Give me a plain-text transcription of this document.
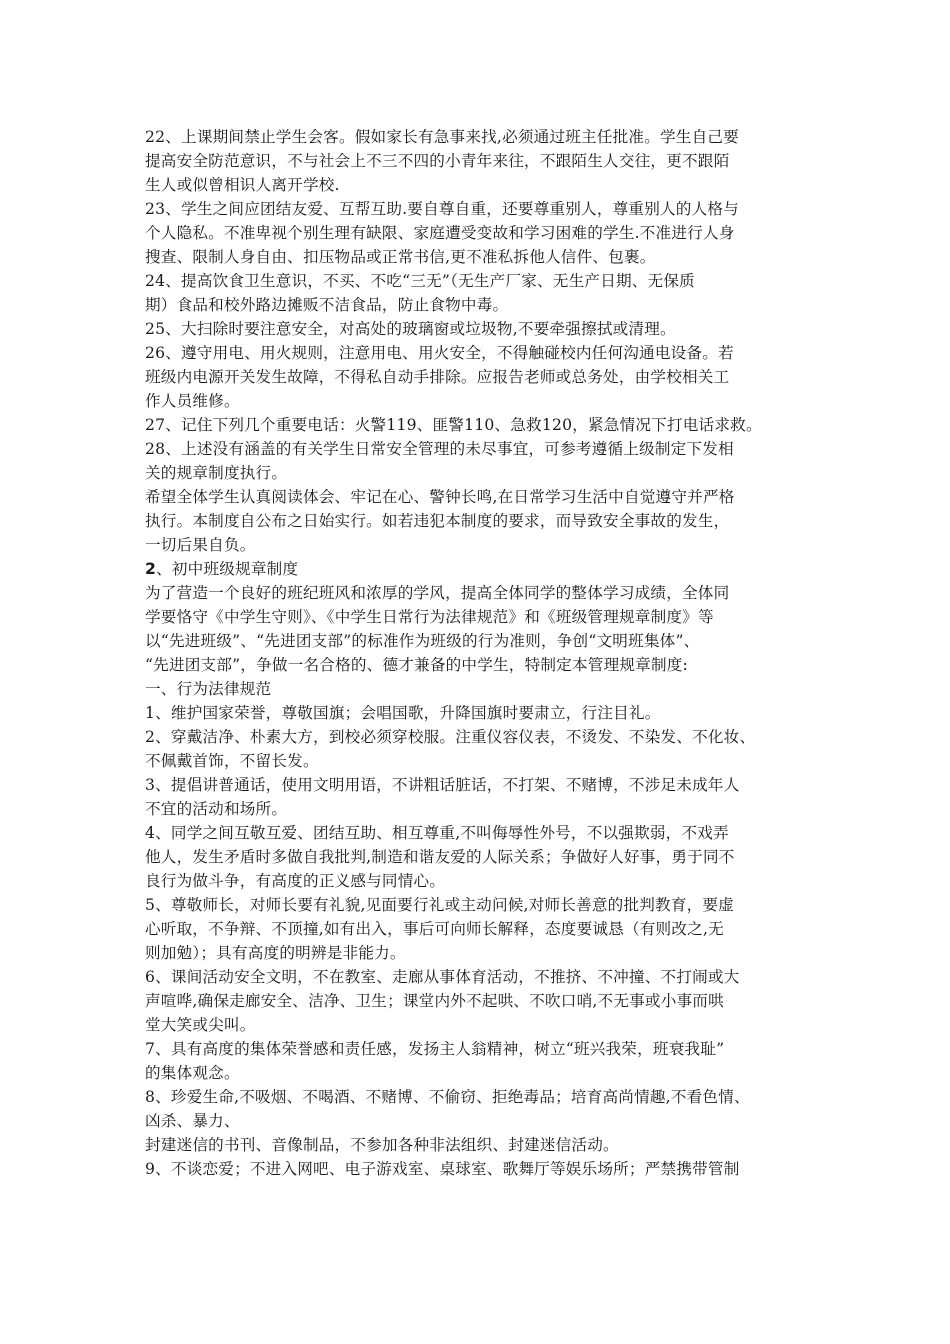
22、上课期间禁止学生会客。假如家长有急事来找,必须通过班主任批准。学生自己要
提高安全防范意识，不与社会上不三不四的小青年来往，不跟陌生人交往，更不跟陌
生人或似曾相识人离开学校.
23、学生之间应团结友爱、互帮互助.要自尊自重，还要尊重别人，尊重别人的人格与
个人隐私。不准卑视个别生理有缺限、家庭遭受变故和学习困难的学生.不准进行人身
搜查、限制人身自由、扣压物品或正常书信,更不准私拆他人信件、包裹。
24、提高饮食卫生意识，不买、不吃“三无”（无生产厂家、无生产日期、无保质
期）食品和校外路边摊贩不洁食品，防止食物中毒。
25、大扫除时要注意安全，对高处的玻璃窗或垃圾物,不要牵强擦拭或清理。
26、遵守用电、用火规则，注意用电、用火安全，不得触碰校内任何沟通电设备。若
班级内电源开关发生故障，不得私自动手排除。应报告老师或总务处，由学校相关工
作人员维修。
27、记住下列几个重要电话：火警119、匪警110、急救120，紧急情况下打电话求救。
28、上述没有涵盖的有关学生日常安全管理的未尽事宜，可参考遵循上级制定下发相
关的规章制度执行。
希望全体学生认真阅读体会、牢记在心、警钟长鸣,在日常学习生活中自觉遵守并严格
执行。本制度自公布之日始实行。如若违犯本制度的要求，而导致安全事故的发生，
一切后果自负。
2、初中班级规章制度
为了营造一个良好的班纪班风和浓厚的学风，提高全体同学的整体学习成绩，全体同
学要恪守《中学生守则》、《中学生日常行为法律规范》和《班级管理规章制度》等
以“先进班级”、“先进团支部”的标准作为班级的行为准则，争创“文明班集体”、
“先进团支部”，争做一名合格的、德才兼备的中学生，特制定本管理规章制度:
一、行为法律规范
1、维护国家荣誉，尊敬国旗；会唱国歌，升降国旗时要肃立，行注目礼。
2、穿戴洁净、朴素大方，到校必须穿校服。注重仪容仪表，不烫发、不染发、不化妆、
不佩戴首饰，不留长发。
3、提倡讲普通话，使用文明用语，不讲粗话脏话，不打架、不赌博，不涉足未成年人
不宜的活动和场所。
4、同学之间互敬互爱、团结互助、相互尊重,不叫侮辱性外号，不以强欺弱，不戏弄
他人，发生矛盾时多做自我批判,制造和谐友爱的人际关系；争做好人好事，勇于同不
良行为做斗争，有高度的正义感与同情心。
5、尊敬师长，对师长要有礼貌,见面要行礼或主动问候,对师长善意的批判教育，要虚
心听取，不争辩、不顶撞,如有出入，事后可向师长解释，态度要诚恳（有则改之,无
则加勉）；具有高度的明辨是非能力。
6、课间活动安全文明，不在教室、走廊从事体育活动，不推挤、不冲撞、不打闹或大
声喧哗,确保走廊安全、洁净、卫生；课堂内外不起哄、不吹口哨,不无事或小事而哄
堂大笑或尖叫。
7、具有高度的集体荣誉感和责任感，发扬主人翁精神，树立“班兴我荣，班衰我耻”
的集体观念。
8、珍爱生命,不吸烟、不喝酒、不赌博、不偷窃、拒绝毒品；培育高尚情趣,不看色情、
凶杀、暴力、
封建迷信的书刊、音像制品，不参加各种非法组织、封建迷信活动。
9、不谈恋爱；不进入网吧、电子游戏室、桌球室、歌舞厅等娱乐场所；严禁携带管制
